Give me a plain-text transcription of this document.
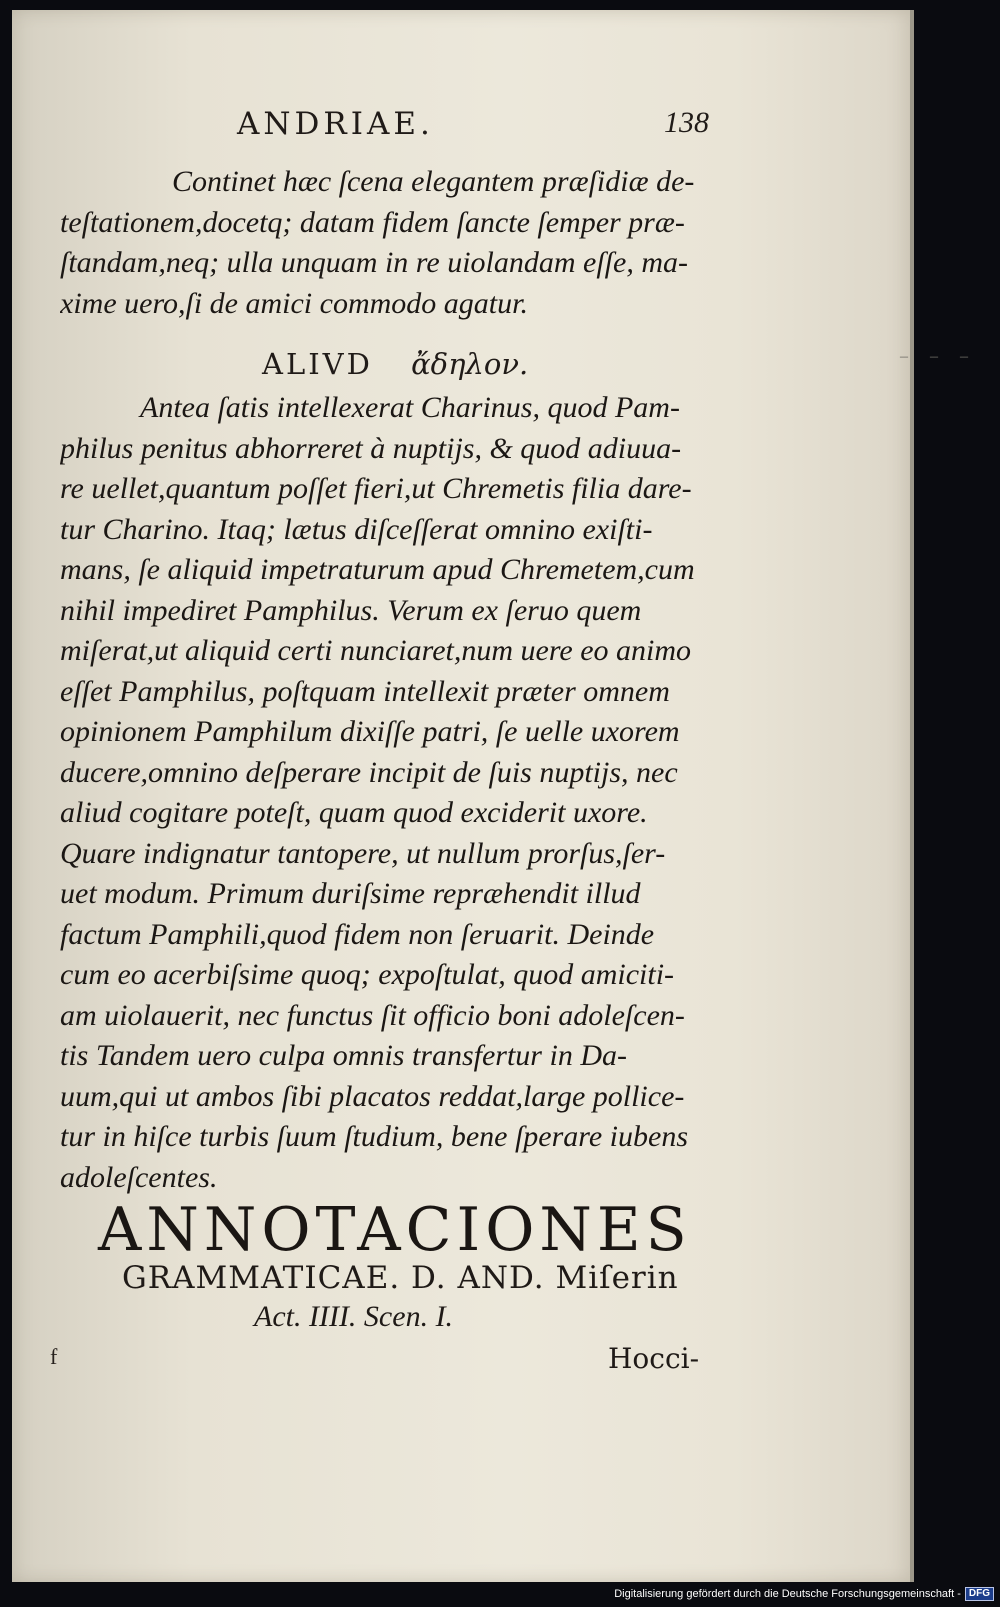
ANDRIAE.	138

Continet hæc ſcena elegantem præſidiæ de-
teſtationem,docetq; datam fidem ſancte ſemper præ-
ſtandam,neq; ulla unquam in re uiolandam eſſe, ma-
xime uero,ſi de amici commodo agatur.

ALIVD ἄδηλον.

Antea ſatis intellexerat Charinus, quod Pam-
philus penitus abhorreret à nuptijs, & quod adiuua-
re uellet,quantum poſſet fieri,ut Chremetis filia dare-
tur Charino. Itaq; lætus diſceſſerat omnino exiſti-
mans, ſe aliquid impetraturum apud Chremetem,cum
nihil impediret Pamphilus. Verum ex ſeruo quem
miſerat,ut aliquid certi nunciaret,num uere eo animo
eſſet Pamphilus, poſtquam intellexit præter omnem
opinionem Pamphilum dixiſſe patri, ſe uelle uxorem
ducere,omnino deſperare incipit de ſuis nuptijs, nec
aliud cogitare poteſt, quam quod exciderit uxore.
Quare indignatur tantopere, ut nullum prorſus,ſer-
uet modum. Primum duriſsime repræhendit illud
factum Pamphili,quod fidem non ſeruarit. Deinde
cum eo acerbiſsime quoq; expoſtulat, quod amiciti-
am uiolauerit, nec functus ſit officio boni adoleſcen-
tis Tandem uero culpa omnis transfertur in Da-
uum,qui ut ambos ſibi placatos reddat,large pollice-
tur in hiſce turbis ſuum ſtudium, bene ſperare iubens
adoleſcentes.

ANNOTACIONES
GRAMMATICAE. D. AND. Miſerin
Act. IIII. Scen. I.
f	Hocci-
– – –
Digitalisierung gefördert durch die Deutsche Forschungsgemeinschaft - DFG
